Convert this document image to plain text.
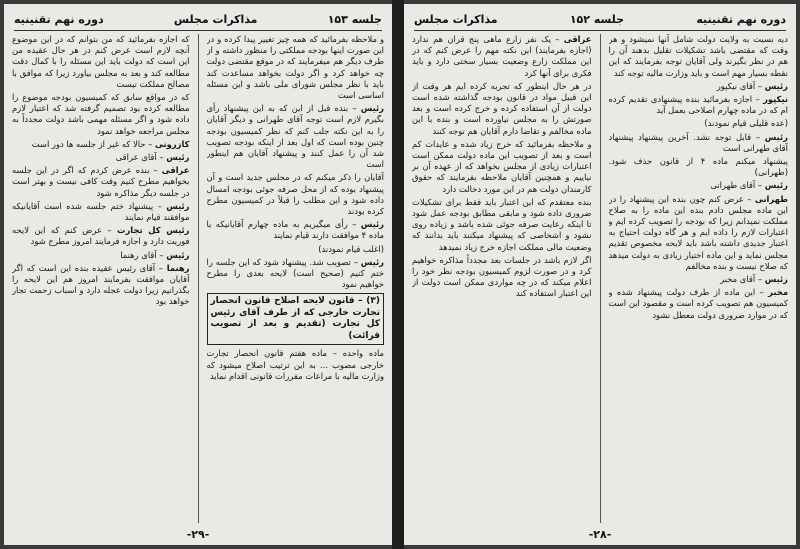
جلسه ۱۵۳
مذاکرات مجلس
دوره نهم تقنینیه

و ملاحظه بفرمائید که همه چیز تغییر پیدا کرده و در این صورت اینها بودجه مملکتی را منظور داشته و از طرف دیگر هم میفرمایند که در موقع مقتضی دولت چه خواهد کرد و اگر دولت بخواهد مساعدت کند باید با نظر مجلس شورای ملی باشد و این مسئله اساسی است

رئیس – بنده قبل از این که به این پیشنهاد رأی بگیرم لازم است توجه آقای طهرانی و دیگر آقایان را به این نکته جلب کنم که نظر کمیسیون بودجه چنین بوده است که اول بعد از اینکه بودجه تصویب شد آن را عمل کنند و پیشنهاد آقایان هم اینطور است

آقایان را ذکر میکنم که در مجلس جدید است و آن پیشنهاد بوده که از محل صرفه جوئی بودجه امسال داده شود و این مطلب را قبلاً در کمیسیون مطرح کرده بودند

رئیس – رأی میگیریم به ماده چهارم آقایانیکه با ماده ۴ موافقت دارند قیام نمایند

(اغلب قیام نمودند)

رئیس – تصویب شد. پیشنهاد شود که این جلسه را ختم کنیم (صحیح است) لایحه بعدی را مطرح خواهیم نمود

(۳) – قانون لایحه اصلاح قانون انحصار تجارت خارجی که از طرف آقای رئیس کل تجارت (تقدیم و بعد از تصویب قرائت)

ماده واحده – ماده هفتم قانون انحصار تجارت خارجی مصوب ... به این ترتیب اصلاح میشود که وزارت مالیه با مراعات مقررات قانونی اقدام نماید

که اجازه بفرمائید که من بتوانم که در این موضوع آنچه لازم است عرض کنم در هر حال عقیده من این است که دولت باید این مسئله را با کمال دقت مطالعه کند و بعد به مجلس بیاورد زیرا که موافق با مصالح مملکت نیست

که در مواقع سابق که کمیسیون بودجه موضوع را مطالعه کرده بود تصمیم گرفته شد که اعتبار لازم داده شود و اگر مسئله مهمی باشد دولت مجدداً به مجلس مراجعه خواهد نمود

کازرونی – حالا که غیر از جلسه ها دور است

رئیس – آقای عراقی

عراقی – بنده عرض کردم که اگر در این جلسه بخواهیم مطرح کنیم وقت کافی نیست و بهتر است در جلسه دیگر مذاکره شود

رئیس – پیشنهاد ختم جلسه شده است آقایانیکه موافقند قیام نمایند

رئیس کل تجارت – عرض کنم که این لایحه فوریت دارد و اجازه فرمایند امروز مطرح شود

رئیس – آقای رهنما

رهنما – آقای رئیس عقیده بنده این است که اگر آقایان موافقت بفرمایند امروز هم این لایحه را بگذرانیم زیرا دولت عجله دارد و اسباب زحمت تجار خواهد بود

-۲۹-
دوره نهم تقنینیه
جلسه ۱۵۲
مذاکرات مجلس

دیه نسبت به ولایت دولت شامل آنها نمیشود و هر وقت که مقتضی باشد تشکیلات تقلیل بدهند آن را هم در نظر بگیرند ولی آقایان توجه بفرمایند که این نقطه بسیار مهم است و باید وزارت مالیه توجه کند

رئیس – آقای نیکپور

نیکپور – اجازه بفرمائید بنده پیشنهادی تقدیم کرده ام که در ماده چهارم اصلاحی بعمل آید

(عده قلیلی قیام نمودند)

رئیس – قابل توجه نشد. آخرین پیشنهاد پیشنهاد آقای طهرانی است

پیشنهاد میکنم ماده ۴ از قانون حذف شود. (طهرانی)

رئیس – آقای طهرانی

طهرانی – عرض کنم چون بنده این پیشنهاد را در این ماده مجلس دادم بنده این ماده را به صلاح مملکت نمیدانم زیرا که بودجه را تصویب کرده ایم و اعتبارات لازم را داده ایم و هر گاه دولت احتیاج به اعتبار جدیدی داشته باشد باید لایحه مخصوص تقدیم مجلس نماید و این ماده اختیار زیادی به دولت میدهد که صلاح نیست و بنده مخالفم

رئیس – آقای مخبر

مخبر – این ماده از طرف دولت پیشنهاد شده و کمیسیون هم تصویب کرده است و مقصود این است که در موارد ضروری دولت معطل نشود

عراقی – یک نفر زارع ماهی پنج قران هم ندارد (اجازه بفرمایند) این نکته مهم را عرض کنم که در این مملکت زارع وضعیت بسیار سختی دارد و باید فکری برای آنها کرد

در هر حال اینطور که تجربه کرده ایم هر وقت از این قبیل مواد در قانون بودجه گذاشته شده است دولت از آن استفاده کرده و خرج کرده است و بعد صورتش را به مجلس نیاورده است و بنده با این ماده مخالفم و تقاضا دارم آقایان هم توجه کنند

و ملاحظه بفرمائید که خرج زیاد شده و عایدات کم است و بعد از تصویب این ماده دولت ممکن است اعتبارات زیادی از مجلس بخواهد که از عهده آن بر نیاییم و همچنین آقایان ملاحظه بفرمایند که حقوق کارمندان دولت هم در این مورد دخالت دارد

بنده معتقدم که این اعتبار باید فقط برای تشکیلات ضروری داده شود و مابقی مطابق بودجه عمل شود تا اینکه رعایت صرفه جوئی شده باشد و زیاده روی نشود و اشخاصی که پیشنهاد میکنند باید بدانند که وضعیت مالی مملکت اجازه خرج زیاد نمیدهد

اگر لازم باشد در جلسات بعد مجدداً مذاکره خواهیم کرد و در صورت لزوم کمیسیون بودجه نظر خود را اعلام میکند که در چه مواردی ممکن است دولت از این اعتبار استفاده کند

-۲۸-
